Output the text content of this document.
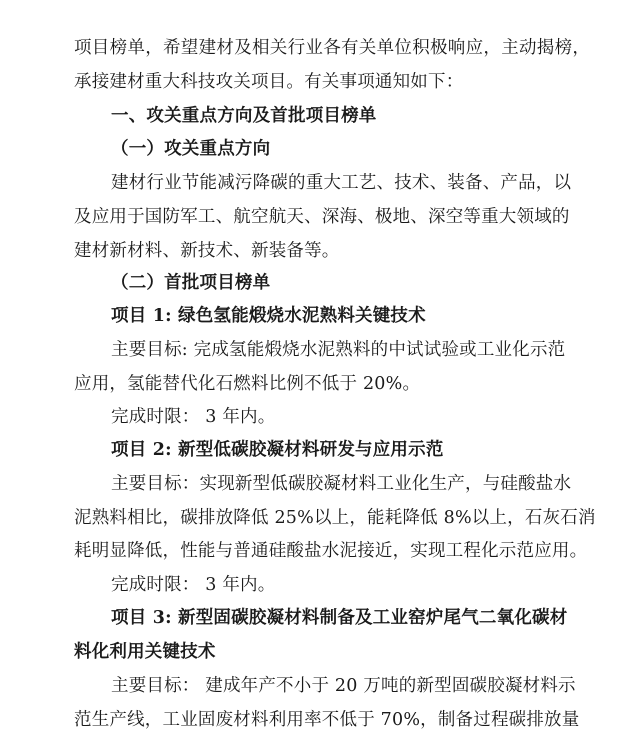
项目榜单，希望建材及相关行业各有关单位积极响应，主动揭榜，
承接建材重大科技攻关项目。有关事项通知如下：
一、攻关重点方向及首批项目榜单
（一）攻关重点方向
建材行业节能减污降碳的重大工艺、技术、装备、产品，以
及应用于国防军工、航空航天、深海、极地、深空等重大领域的
建材新材料、新技术、新装备等。
（二）首批项目榜单
项目 1: 绿色氢能煅烧水泥熟料关键技术
主要目标: 完成氢能煅烧水泥熟料的中试试验或工业化示范
应用，氢能替代化石燃料比例不低于 20%。
完成时限： 3 年内。
项目 2: 新型低碳胶凝材料研发与应用示范
主要目标：实现新型低碳胶凝材料工业化生产，与硅酸盐水
泥熟料相比，碳排放降低 25%以上，能耗降低 8%以上，石灰石消
耗明显降低，性能与普通硅酸盐水泥接近，实现工程化示范应用。
完成时限： 3 年内。
项目 3: 新型固碳胶凝材料制备及工业窑炉尾气二氧化碳材
料化利用关键技术
主要目标： 建成年产不小于 20 万吨的新型固碳胶凝材料示
范生产线，工业固废材料利用率不低于 70%，制备过程碳排放量
